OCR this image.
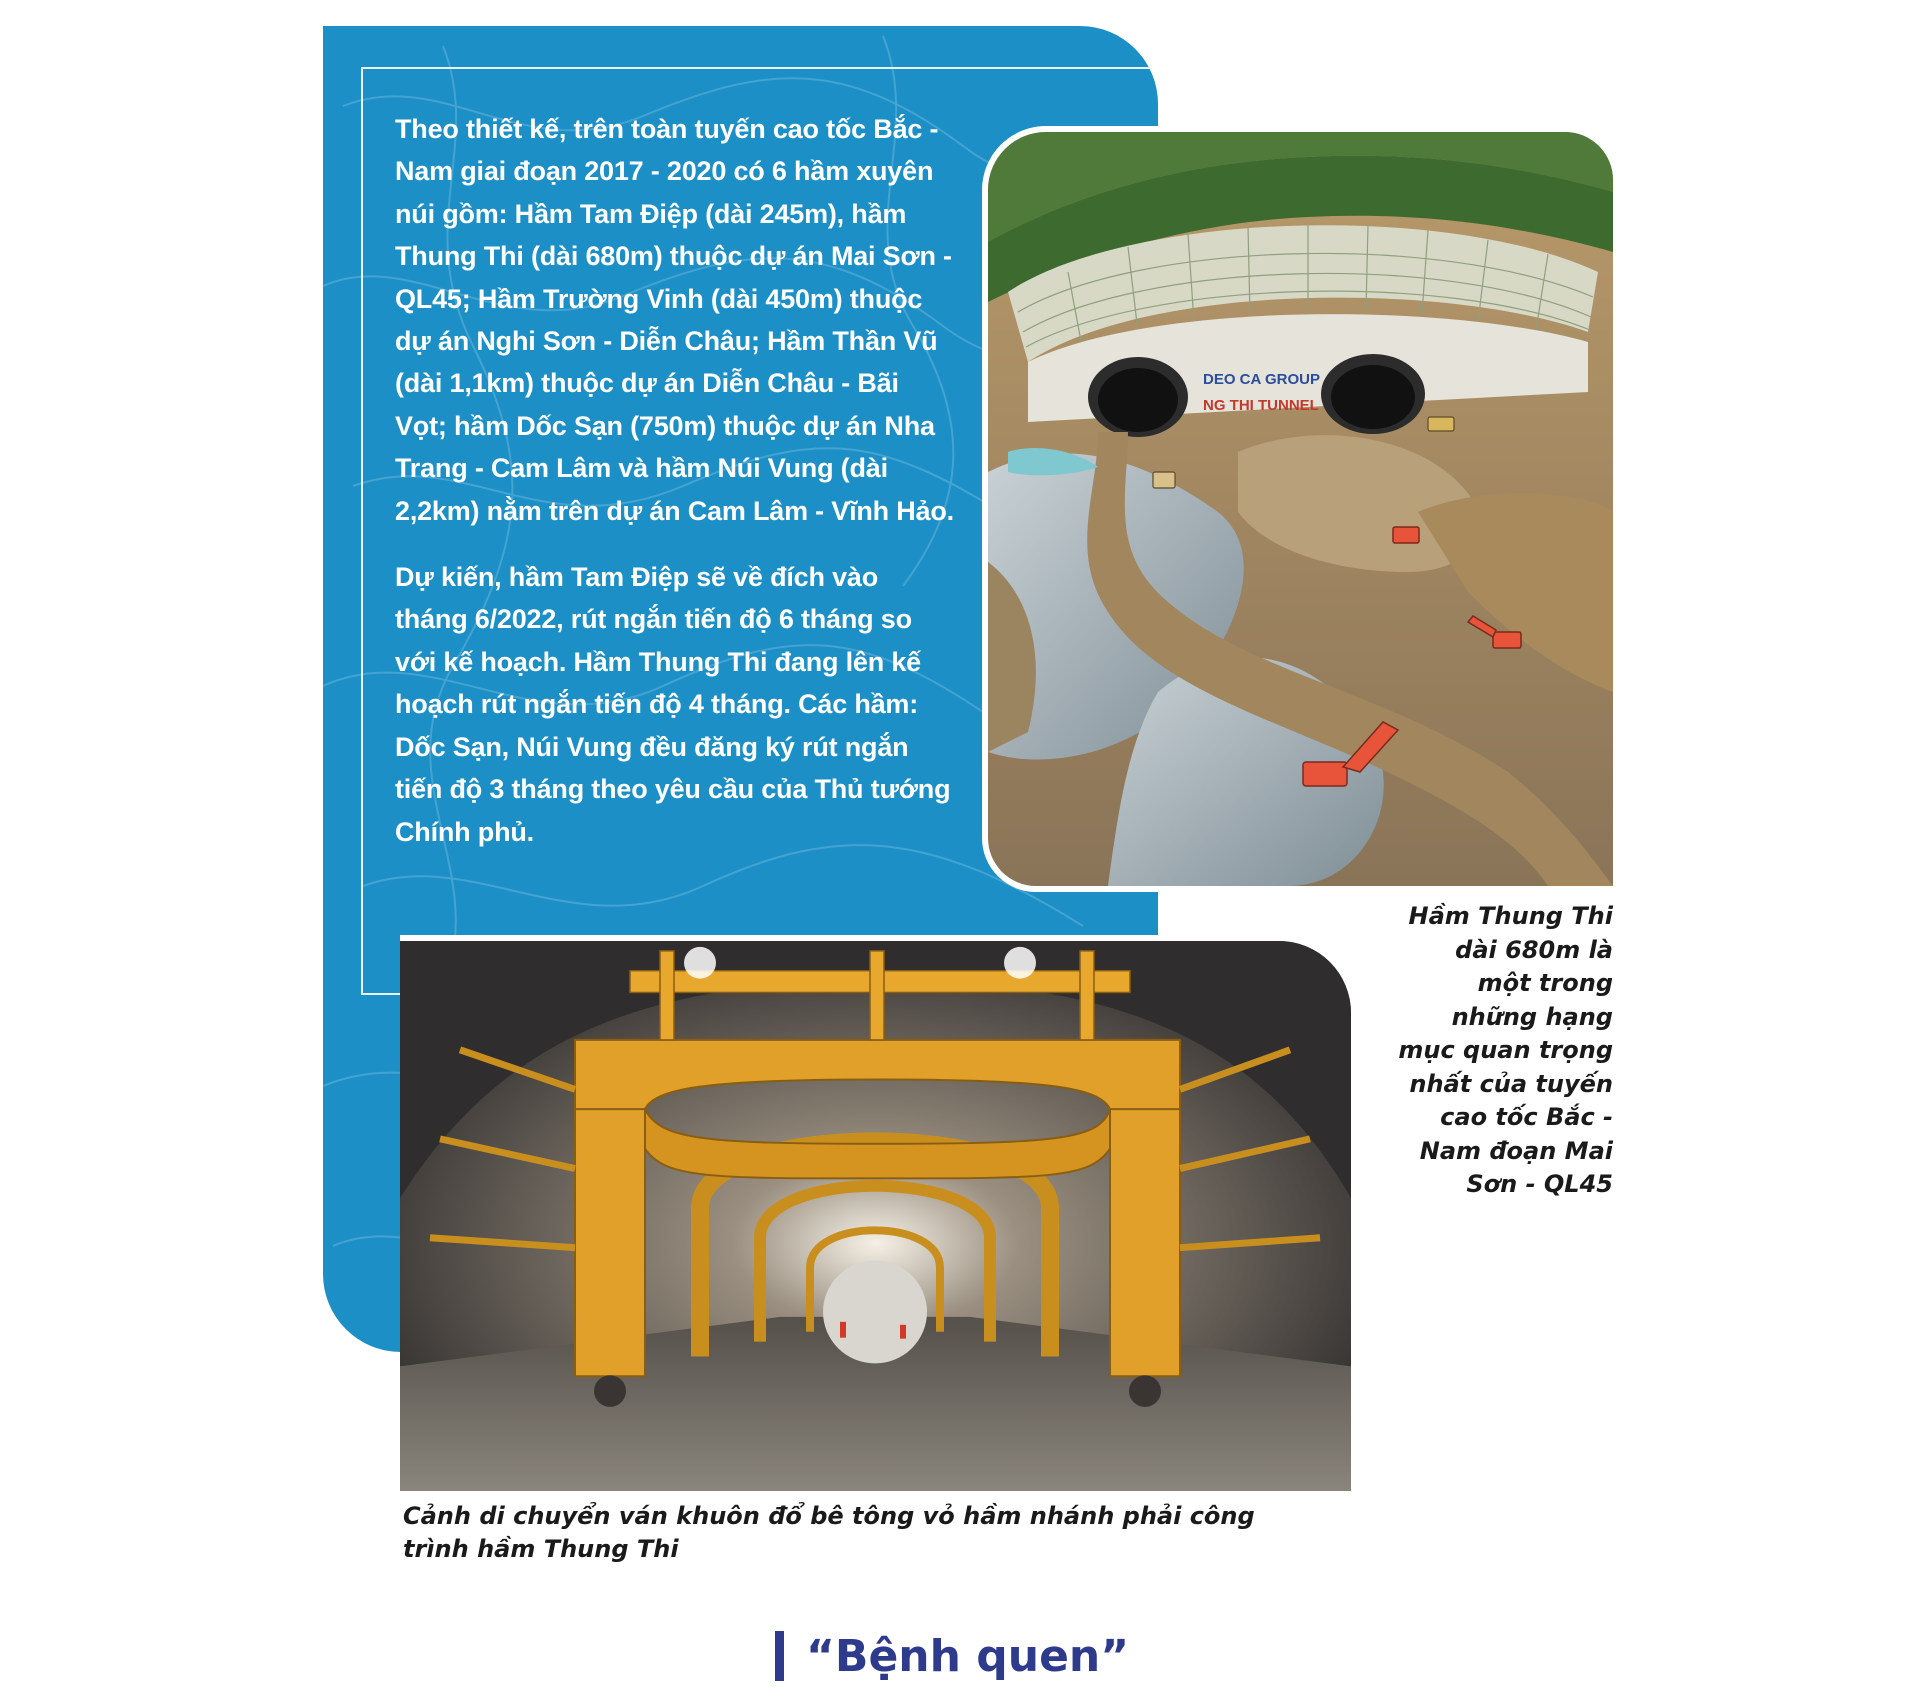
Theo thiết kế, trên toàn tuyến cao tốc Bắc - Nam giai đoạn 2017 - 2020 có 6 hầm xuyên núi gồm: Hầm Tam Điệp (dài 245m), hầm Thung Thi (dài 680m) thuộc dự án Mai Sơn - QL45; Hầm Trường Vinh (dài 450m) thuộc dự án Nghi Sơn - Diễn Châu; Hầm Thần Vũ (dài 1,1km) thuộc dự án Diễn Châu - Bãi Vọt; hầm Dốc Sạn (750m) thuộc dự án Nha Trang - Cam Lâm và hầm Núi Vung (dài 2,2km) nằm trên dự án Cam Lâm - Vĩnh Hảo.

Dự kiến, hầm Tam Điệp sẽ về đích vào tháng 6/2022, rút ngắn tiến độ 6 tháng so với kế hoạch. Hầm Thung Thi đang lên kế hoạch rút ngắn tiến độ 4 tháng. Các hầm: Dốc Sạn, Núi Vung đều đăng ký rút ngắn tiến độ 3 tháng theo yêu cầu của Thủ tướng Chính phủ.

DEO CA GROUP
NG THI TUNNEL
Hầm Thung Thi dài 680m là một trong những hạng mục quan trọng nhất của tuyến cao tốc Bắc - Nam đoạn Mai Sơn - QL45
Cảnh di chuyển ván khuôn đổ bê tông vỏ hầm nhánh phải công trình hầm Thung Thi
“Bệnh quen”
